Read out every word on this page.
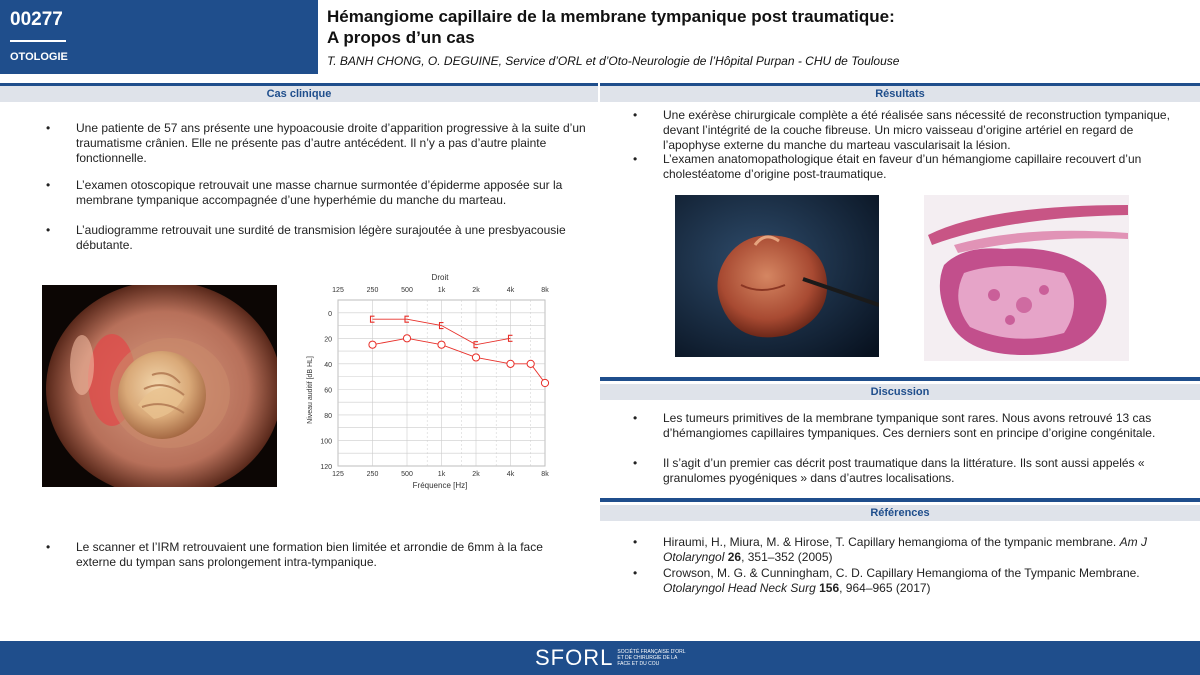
00277
OTOLOGIE
Hémangiome capillaire de la membrane tympanique post traumatique:
A propos d’un cas
T. BANH CHONG, O. DEGUINE, Service d’ORL et d’Oto-Neurologie de l’Hôpital Purpan - CHU de Toulouse
Cas clinique
• Une patiente de 57 ans présente une hypoacousie droite d’apparition progressive à la suite d’un traumatisme crânien. Elle ne présente pas d’autre antécédent. Il n’y a pas d’autre plainte fonctionnelle.
• L’examen otoscopique retrouvait une masse charnue surmontée d’épiderme apposée sur la membrane tympanique accompagnée d’une hyperhémie du manche du marteau.
• L’audiogramme retrouvait une surdité de transmision légère surajoutée à une presbyacousie débutante.
Droit
125	250	500	1k	2k	4k	8k
0
20
40
60
80
100
120
125	250	500	1k	2k	4k	8k
Fréquence [Hz]
Niveau auditif [dB HL]
• Le scanner et l’IRM retrouvaient une formation bien limitée et arrondie de 6mm à la face externe du tympan sans prolongement intra-tympanique.
Résultats
• Une exérèse chirurgicale complète a été réalisée sans nécessité de reconstruction tympanique, devant l’intégrité de la couche fibreuse. Un micro vaisseau d’origine artériel en regard de l’apophyse externe du manche du marteau vascularisait la lésion.
• L’examen anatomopathologique était en faveur d’un hémangiome capillaire recouvert d’un cholestéatome d’origine post-traumatique.
Discussion
• Les tumeurs primitives de la membrane tympanique sont rares. Nous avons retrouvé 13 cas d’hémangiomes capillaires tympaniques. Ces derniers sont en principe d’origine congénitale.
• Il s’agit d’un premier cas décrit post traumatique dans la littérature. Ils sont aussi appelés « granulomes pyogéniques » dans d’autres localisations.
Références
• Hiraumi, H., Miura, M. & Hirose, T. Capillary hemangioma of the tympanic membrane. Am J Otolaryngol 26, 351–352 (2005)
• Crowson, M. G. & Cunningham, C. D. Capillary Hemangioma of the Tympanic Membrane. Otolaryngol Head Neck Surg 156, 964–965 (2017)
SFORL SOCIÉTÉ FRANÇAISE D'ORL ET DE CHIRURGIE DE LA FACE ET DU COU
